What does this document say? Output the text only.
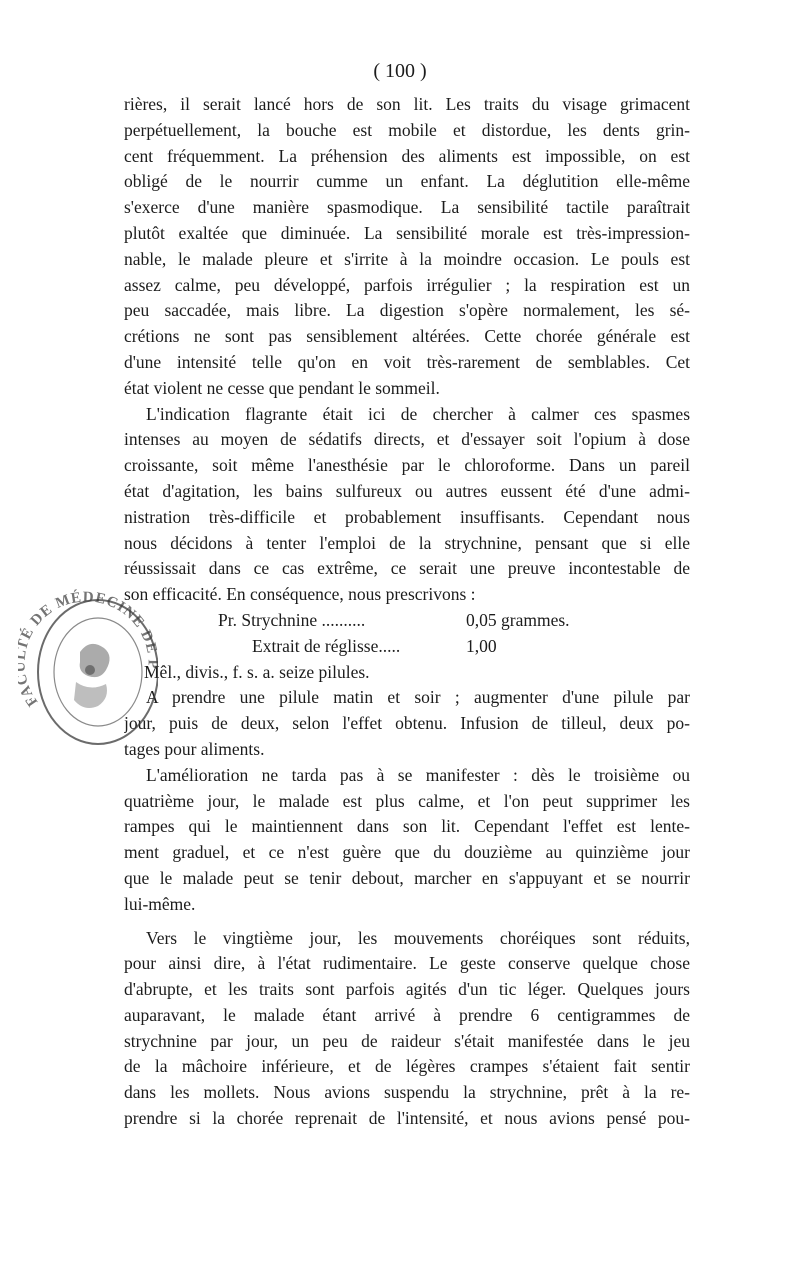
( 100 )
rières, il serait lancé hors de son lit. Les traits du visage grimacent
perpétuellement, la bouche est mobile et distordue, les dents grin-
cent fréquemment. La préhension des aliments est impossible, on est
obligé de le nourrir cumme un enfant. La déglutition elle-même
s'exerce d'une manière spasmodique. La sensibilité tactile paraîtrait
plutôt exaltée que diminuée. La sensibilité morale est très-impression-
nable, le malade pleure et s'irrite à la moindre occasion. Le pouls est
assez calme, peu développé, parfois irrégulier ; la respiration est un
peu saccadée, mais libre. La digestion s'opère normalement, les sé-
crétions ne sont pas sensiblement altérées. Cette chorée générale est
d'une intensité telle qu'on en voit très-rarement de semblables. Cet
état violent ne cesse que pendant le sommeil.
L'indication flagrante était ici de chercher à calmer ces spasmes
intenses au moyen de sédatifs directs, et d'essayer soit l'opium à dose
croissante, soit même l'anesthésie par le chloroforme. Dans un pareil
état d'agitation, les bains sulfureux ou autres eussent été d'une admi-
nistration très-difficile et probablement insuffisants. Cependant nous
nous décidons à tenter l'emploi de la strychnine, pensant que si elle
réussissait dans ce cas extrême, ce serait une preuve incontestable de
son efficacité. En conséquence, nous prescrivons :
Pr. Strychnine ..........	0,05 grammes.
Extrait de réglisse.....	1,00
Mêl., divis., f. s. a. seize pilules.
A prendre une pilule matin et soir ; augmenter d'une pilule par
jour, puis de deux, selon l'effet obtenu. Infusion de tilleul, deux po-
tages pour aliments.
L'amélioration ne tarda pas à se manifester : dès le troisième ou
quatrième jour, le malade est plus calme, et l'on peut supprimer les
rampes qui le maintiennent dans son lit. Cependant l'effet est lente-
ment graduel, et ce n'est guère que du douzième au quinzième jour
que le malade peut se tenir debout, marcher en s'appuyant et se nourrir
lui-même.
Vers le vingtième jour, les mouvements choréiques sont réduits,
pour ainsi dire, à l'état rudimentaire. Le geste conserve quelque chose
d'abrupte, et les traits sont parfois agités d'un tic léger. Quelques jours
auparavant, le malade étant arrivé à prendre 6 centigrammes de
strychnine par jour, un peu de raideur s'était manifestée dans le jeu
de la mâchoire inférieure, et de légères crampes s'étaient fait sentir
dans les mollets. Nous avions suspendu la strychnine, prêt à la re-
prendre si la chorée reprenait de l'intensité, et nous avions pensé pou-
FA É DE MÉDECINE D
